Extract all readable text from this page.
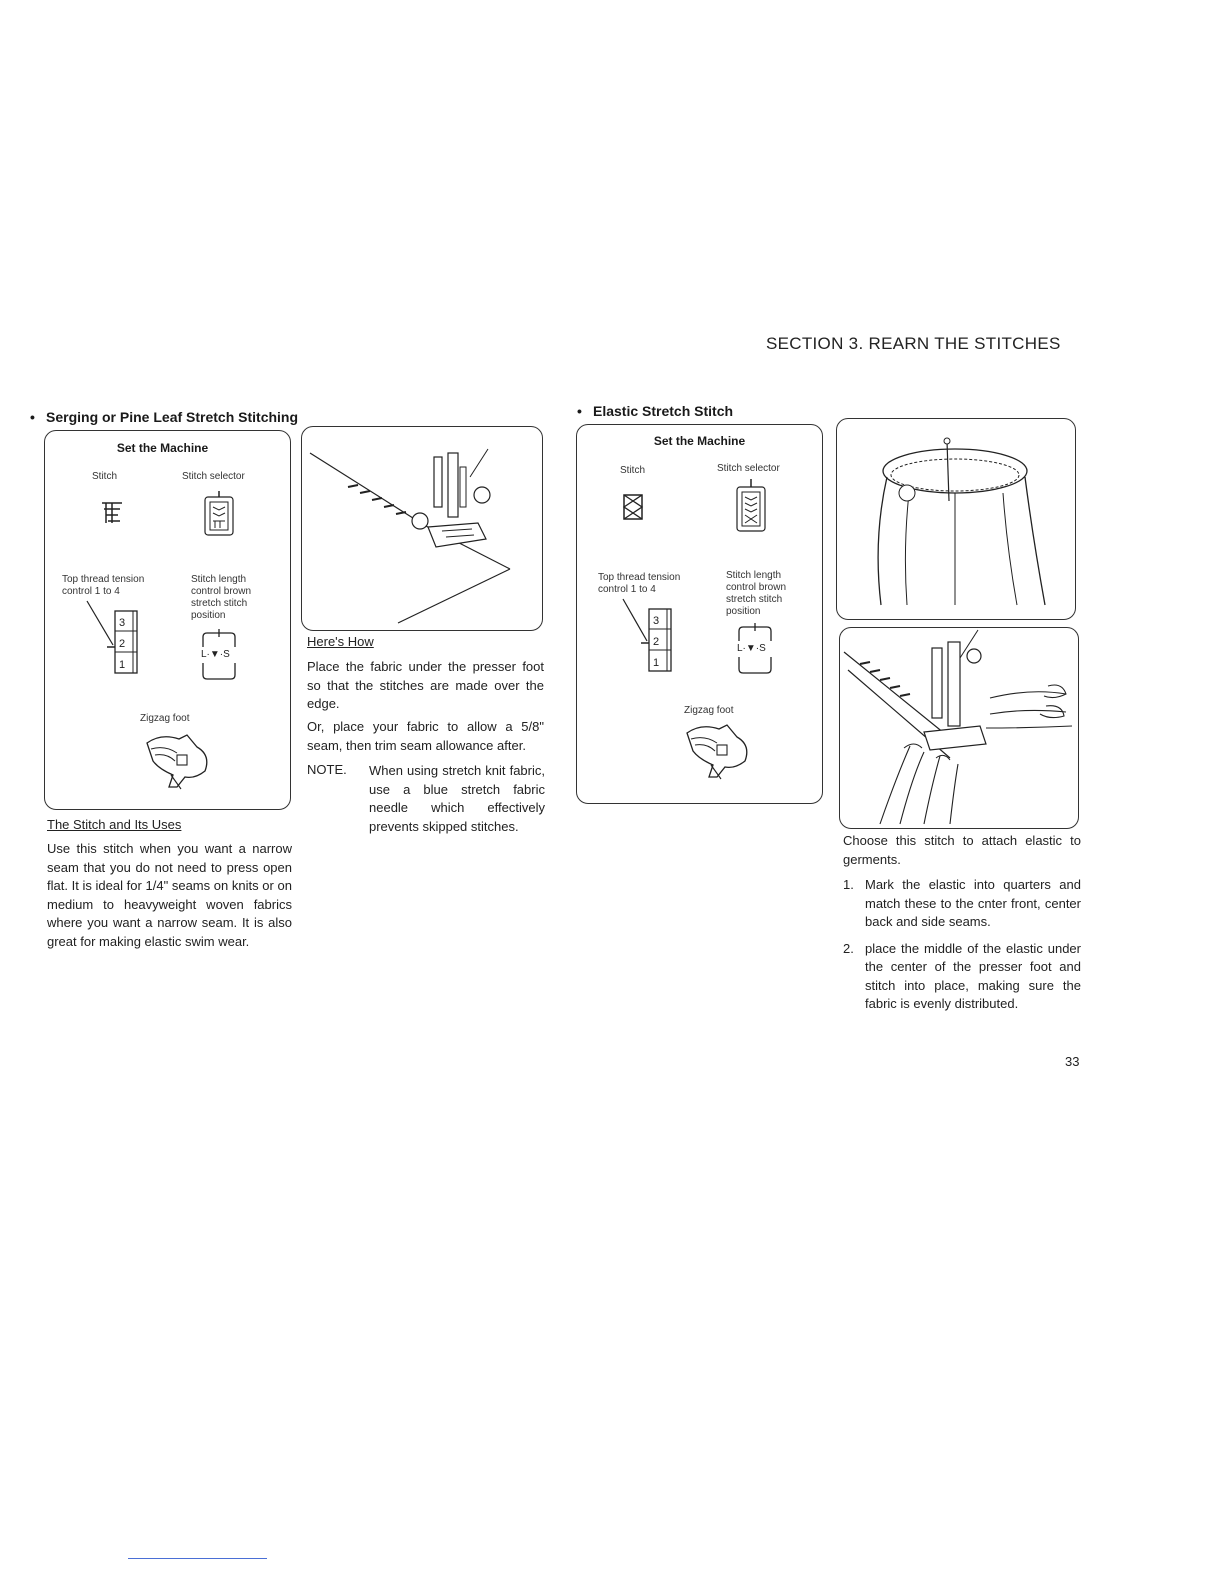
SECTION 3. REARN THE STITCHES
• Serging or Pine Leaf Stretch Stitching
Set the Machine
Stitch	Stitch selector
Top thread tension control 1 to 4
Stitch length control brown stretch stitch position
3
2
1
L·▼·S
Zigzag foot
Here's How
Place the fabric under the presser foot so that the stitches are made over the edge.
Or, place your fabric to allow a 5/8" seam, then trim seam allowance after.
NOTE. When using stretch knit fabric, use a blue stretch fabric needle which effectively prevents skipped stitches.
The Stitch and Its Uses
Use this stitch when you want a narrow seam that you do not need to press open flat. It is ideal for 1/4" seams on knits or on medium to heavyweight woven fabrics where you want a narrow seam. It is also great for making elastic swim wear.
• Elastic Stretch Stitch
Set the Machine
Stitch	Stitch selector
Top thread tension control 1 to 4
Stitch length control brown stretch stitch position
3
2
1
L·▼·S
Zigzag foot
Choose this stitch to attach elastic to germents.
1. Mark the elastic into quarters and match these to the cnter front, center back and side seams.
2. place the middle of the elastic under the center of the presser foot and stitch into place, making sure the fabric is evenly distributed.
33
